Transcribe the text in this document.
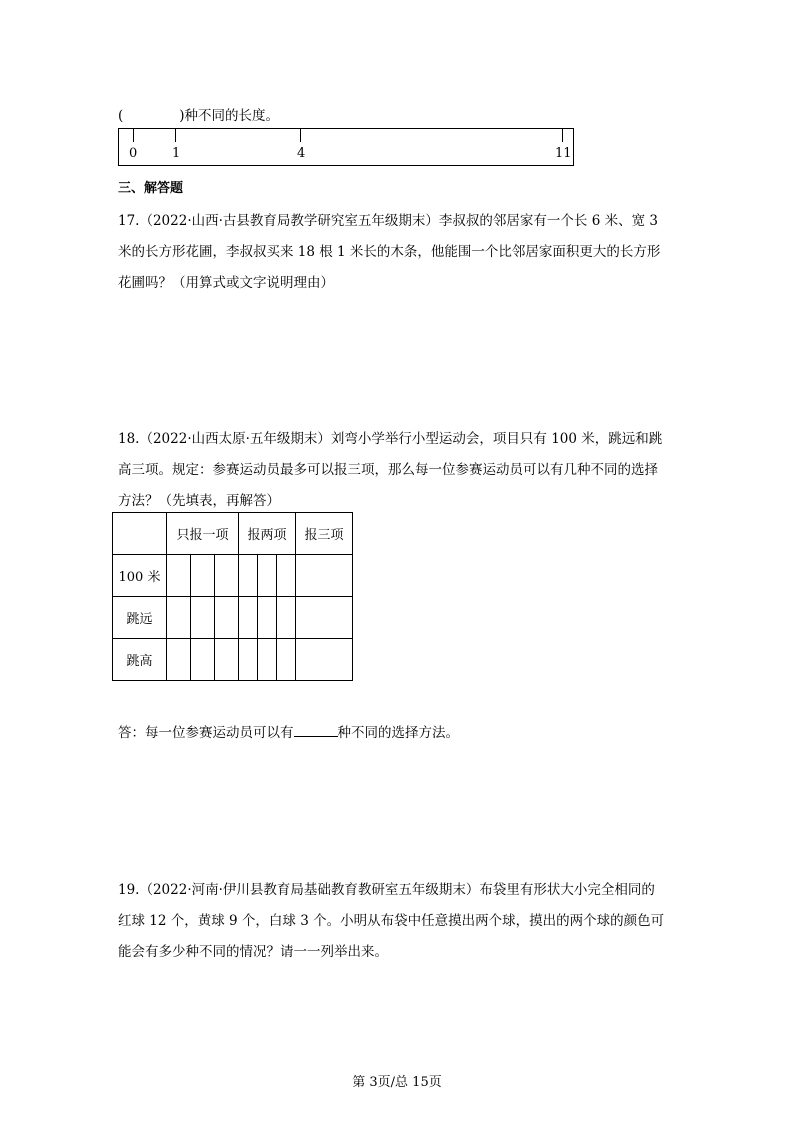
(	)种不同的长度。
0	1	4	11
三、解答题
17.（2022·山西·古县教育局教学研究室五年级期末）李叔叔的邻居家有一个长 6 米、宽 3
米的长方形花圃，李叔叔买来 18 根 1 米长的木条，他能围一个比邻居家面积更大的长方形
花圃吗？（用算式或文字说明理由）
18.（2022·山西太原·五年级期末）刘弯小学举行小型运动会，项目只有 100 米，跳远和跳
高三项。规定：参赛运动员最多可以报三项，那么每一位参赛运动员可以有几种不同的选择
方法？（先填表，再解答）
	只报一项			报两项			报三项
100 米							
跳远							
跳高							
答：每一位参赛运动员可以有	种不同的选择方法。
19.（2022·河南·伊川县教育局基础教育教研室五年级期末）布袋里有形状大小完全相同的
红球 12 个，黄球 9 个，白球 3 个。小明从布袋中任意摸出两个球，摸出的两个球的颜色可
能会有多少种不同的情况？请一一列举出来。
第 3页/总 15页
